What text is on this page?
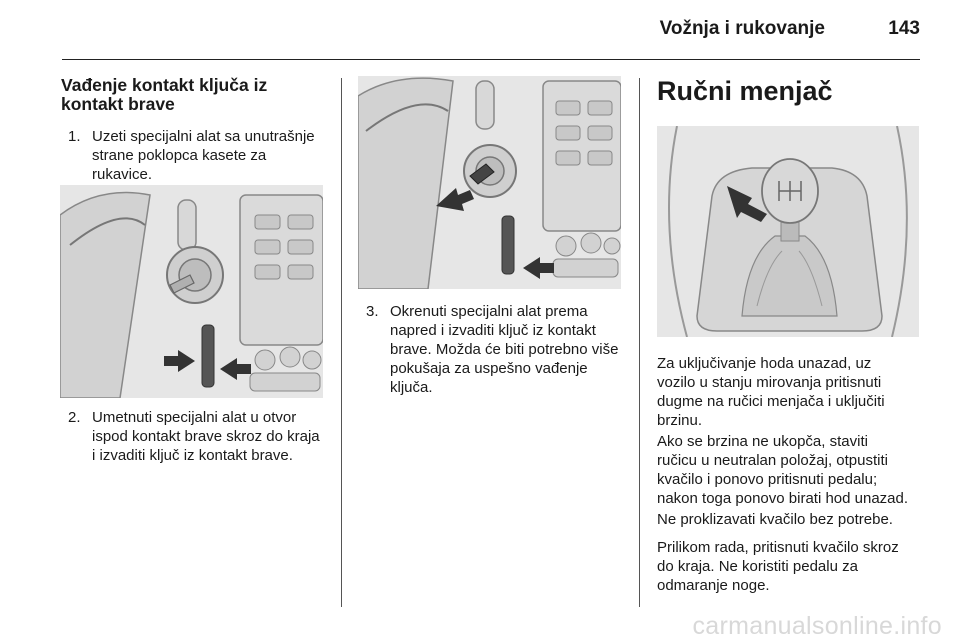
Vožnja i rukovanje	143
Vađenje kontakt ključa iz kontakt brave
1. Uzeti specijalni alat sa unutrašnje
strane poklopca kasete za
rukavice.
2. Umetnuti specijalni alat u otvor
ispod kontakt brave skroz do kraja
i izvaditi ključ iz kontakt brave.
3. Okrenuti specijalni alat prema
napred i izvaditi ključ iz kontakt
brave. Možda će biti potrebno više
pokušaja za uspešno vađenje
ključa.
Ručni menjač
Za uključivanje hoda unazad, uz
vozilo u stanju mirovanja pritisnuti
dugme na ručici menjača i uključiti
brzinu.
Ako se brzina ne ukopča, staviti
ručicu u neutralan položaj, otpustiti
kvačilo i ponovo pritisnuti pedalu;
nakon toga ponovo birati hod unazad.
Ne proklizavati kvačilo bez potrebe.
Prilikom rada, pritisnuti kvačilo skroz
do kraja. Ne koristiti pedalu za
odmaranje noge.
carmanualsonline.info
